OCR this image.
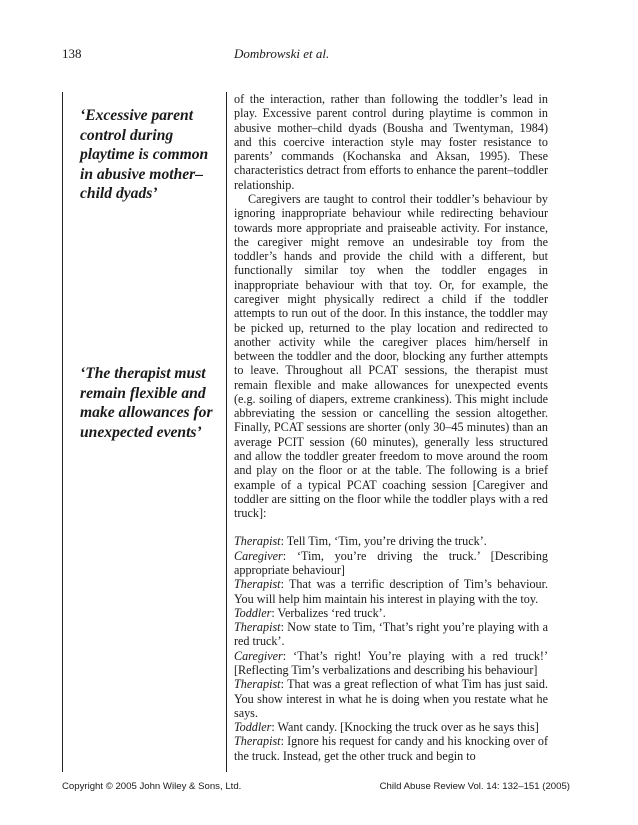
138	Dombrowski et al.
‘Excessive parent control during playtime is common in abusive mother–child dyads’
‘The therapist must remain flexible and make allowances for unexpected events’

of the interaction, rather than following the toddler’s lead in play. Excessive parent control during playtime is common in abusive mother–child dyads (Bousha and Twentyman, 1984) and this coercive interaction style may foster resistance to parents’ commands (Kochanska and Aksan, 1995). These characteristics detract from efforts to enhance the parent–toddler relationship.

Caregivers are taught to control their toddler’s behaviour by ignoring inappropriate behaviour while redirecting behaviour towards more appropriate and praiseable activity. For instance, the caregiver might remove an undesirable toy from the toddler’s hands and provide the child with a different, but functionally similar toy when the toddler engages in inappropriate behaviour with that toy. Or, for example, the caregiver might physically redirect a child if the toddler attempts to run out of the door. In this instance, the toddler may be picked up, returned to the play location and redirected to another activity while the caregiver places him/herself in between the toddler and the door, blocking any further attempts to leave. Throughout all PCAT sessions, the therapist must remain flexible and make allowances for unexpected events (e.g. soiling of diapers, extreme crankiness). This might include abbreviating the session or cancelling the session altogether. Finally, PCAT sessions are shorter (only 30–45 minutes) than an average PCIT session (60 minutes), generally less structured and allow the toddler greater freedom to move around the room and play on the floor or at the table. The following is a brief example of a typical PCAT coaching session [Caregiver and toddler are sitting on the floor while the toddler plays with a red truck]:

Therapist: Tell Tim, ‘Tim, you’re driving the truck’.

Caregiver: ‘Tim, you’re driving the truck.’ [Describing appropriate behaviour]

Therapist: That was a terrific description of Tim’s behaviour. You will help him maintain his interest in playing with the toy.

Toddler: Verbalizes ‘red truck’.

Therapist: Now state to Tim, ‘That’s right you’re playing with a red truck’.

Caregiver: ‘That’s right! You’re playing with a red truck!’ [Reflecting Tim’s verbalizations and describing his behaviour]

Therapist: That was a great reflection of what Tim has just said. You show interest in what he is doing when you restate what he says.

Toddler: Want candy. [Knocking the truck over as he says this]

Therapist: Ignore his request for candy and his knocking over of the truck. Instead, get the other truck and begin to

Copyright © 2005 John Wiley & Sons, Ltd.	Child Abuse Review Vol. 14: 132–151 (2005)
